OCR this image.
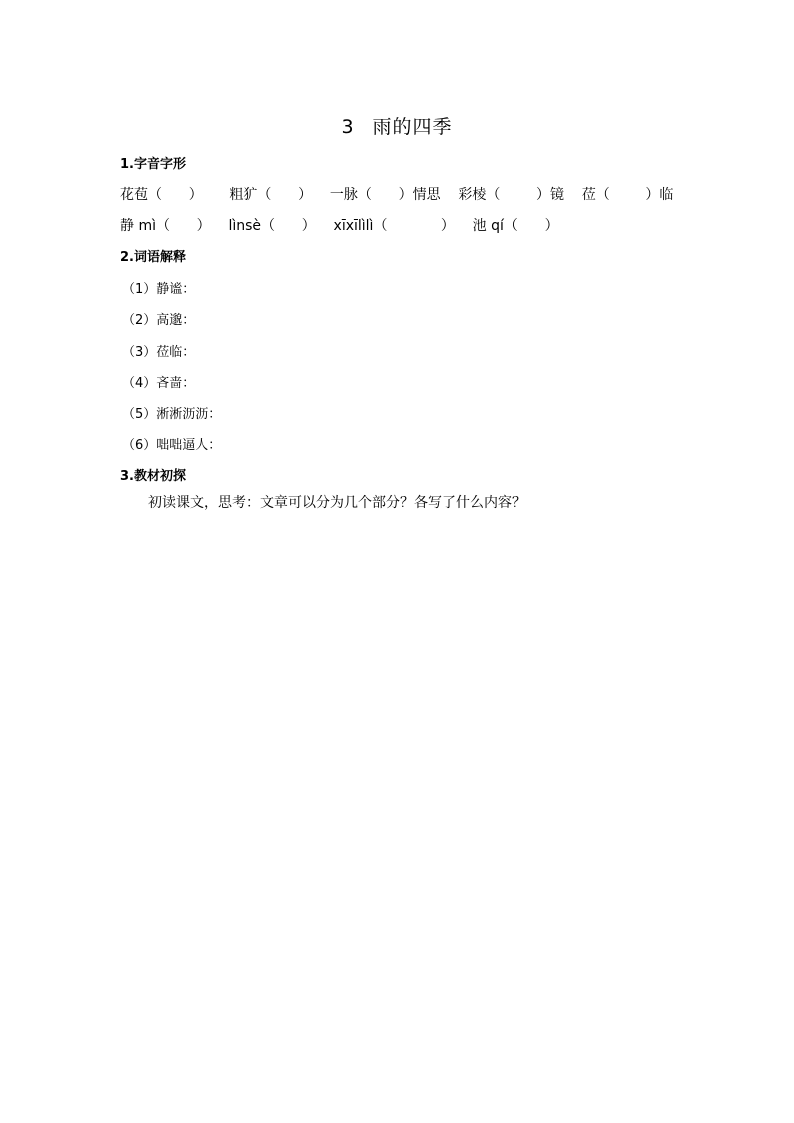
3 雨的四季
1.字音字形
花苞（      ）      粗犷（      ）    一脉（      ）情思    彩棱（        ）镜    莅（        ）临
静 mì（      ）    lìnsè（      ）    xīxīlìlì（            ）    池 qí（      ）
2.词语解释
（1）静谧：
（2）高邈：
（3）莅临：
（4）吝啬：
（5）淅淅沥沥：
（6）咄咄逼人：
3.教材初探
初读课文，思考：文章可以分为几个部分？各写了什么内容？
